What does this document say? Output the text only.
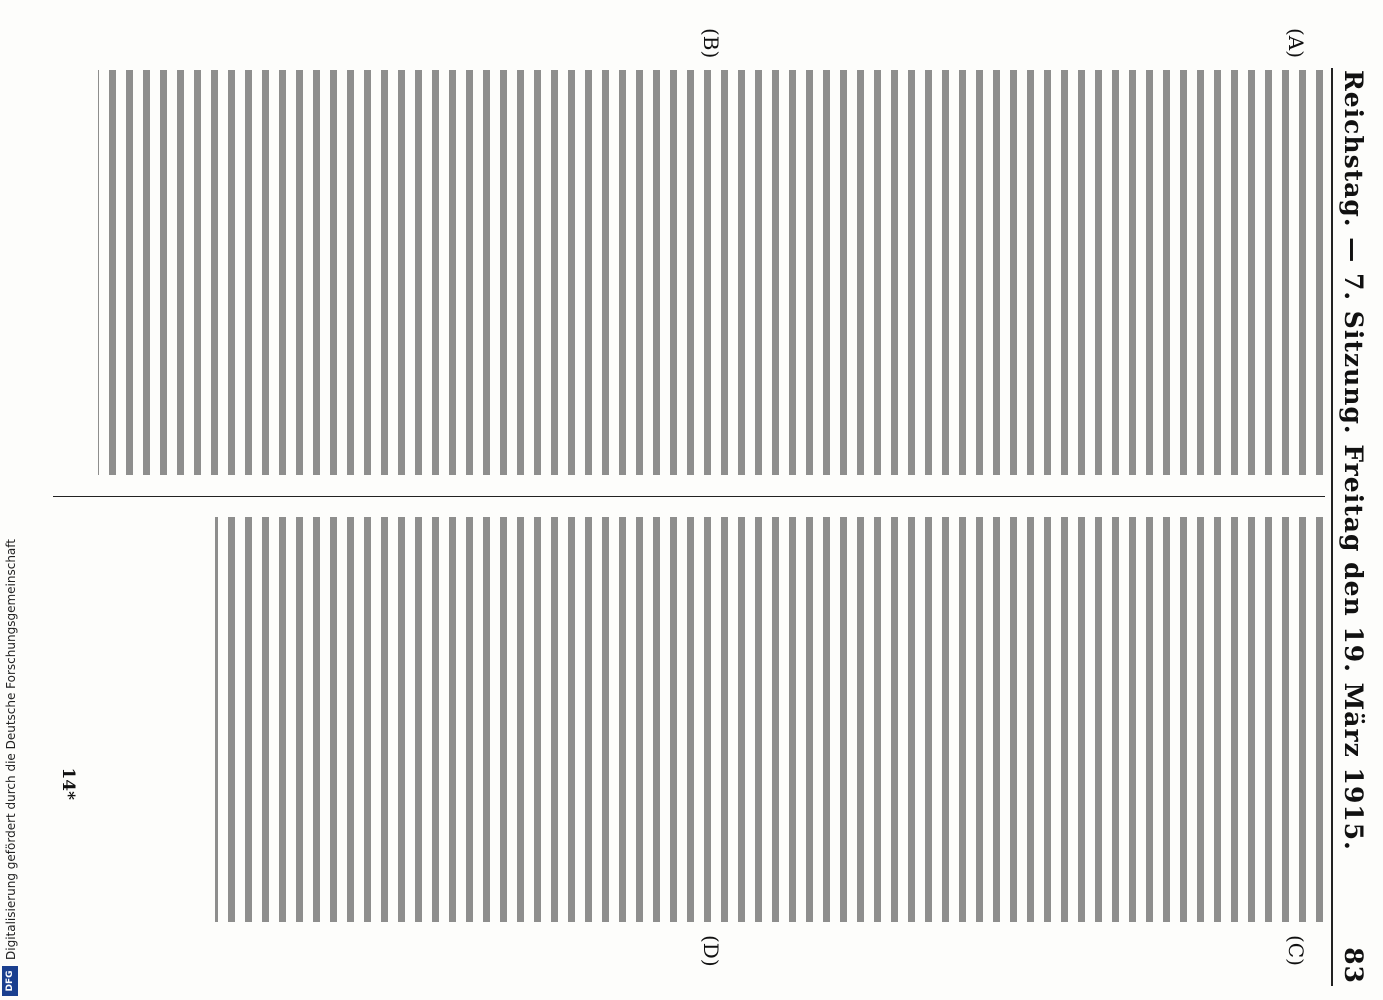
Reichstag. — 7. Sitzung. Freitag den 19. März 1915.
83
(A)
(B)
(C)
(D)
14*
DFG
Digitalisierung gefördert durch die Deutsche Forschungsgemeinschaft
